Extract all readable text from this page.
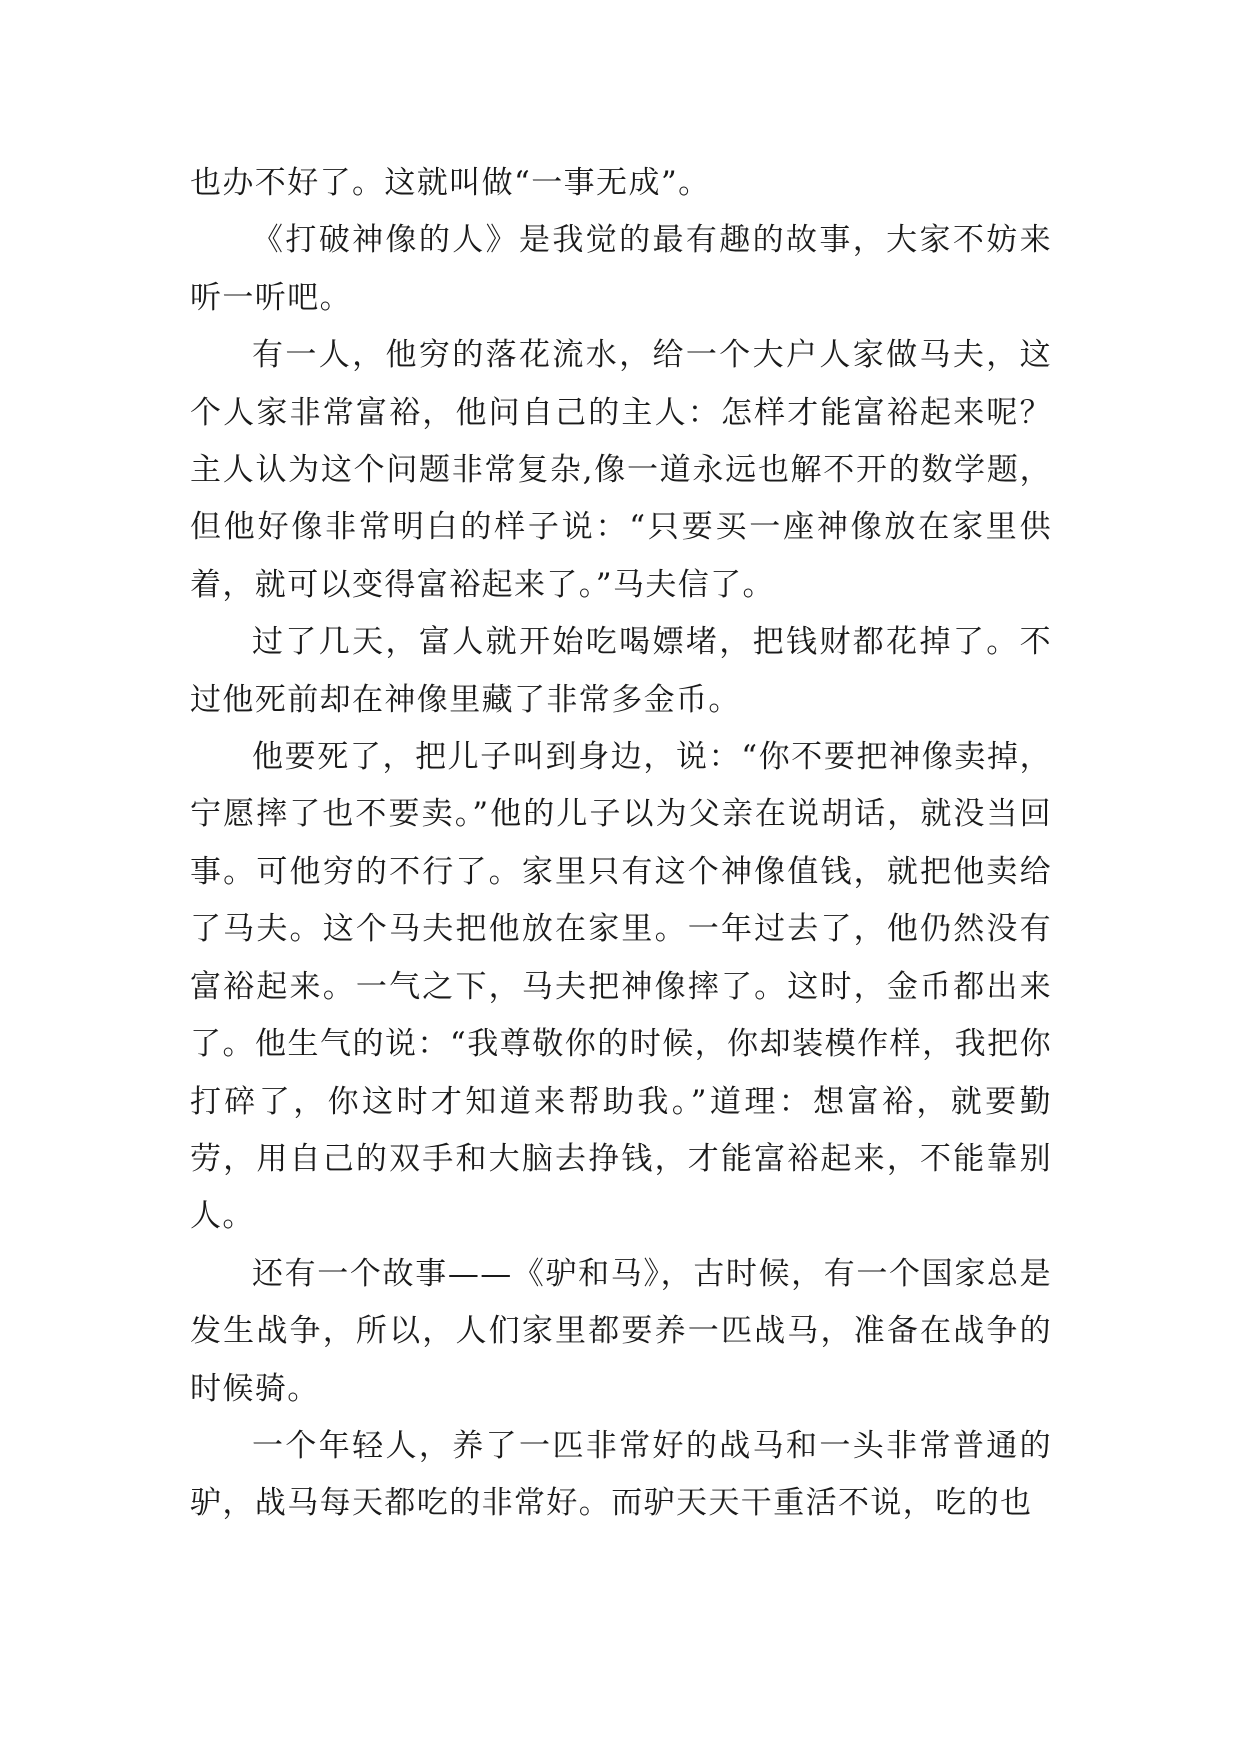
也办不好了。这就叫做“一事无成”。

《打破神像的人》是我觉的最有趣的故事，大家不妨来听一听吧。

有一人，他穷的落花流水，给一个大户人家做马夫，这个人家非常富裕，他问自己的主人：怎样才能富裕起来呢？主人认为这个问题非常复杂,像一道永远也解不开的数学题，但他好像非常明白的样子说：“只要买一座神像放在家里供着，就可以变得富裕起来了。”马夫信了。

过了几天，富人就开始吃喝嫖堵，把钱财都花掉了。不过他死前却在神像里藏了非常多金币。

他要死了，把儿子叫到身边，说：“你不要把神像卖掉，宁愿摔了也不要卖。”他的儿子以为父亲在说胡话，就没当回事。可他穷的不行了。家里只有这个神像值钱，就把他卖给了马夫。这个马夫把他放在家里。一年过去了，他仍然没有富裕起来。一气之下，马夫把神像摔了。这时，金币都出来了。他生气的说：“我尊敬你的时候，你却装模作样，我把你打碎了，你这时才知道来帮助我。”道理：想富裕，就要勤劳，用自己的双手和大脑去挣钱，才能富裕起来，不能靠别人。

还有一个故事——《驴和马》，古时候，有一个国家总是发生战争，所以，人们家里都要养一匹战马，准备在战争的时候骑。

一个年轻人，养了一匹非常好的战马和一头非常普通的驴，战马每天都吃的非常好。而驴天天干重活不说，吃的也
